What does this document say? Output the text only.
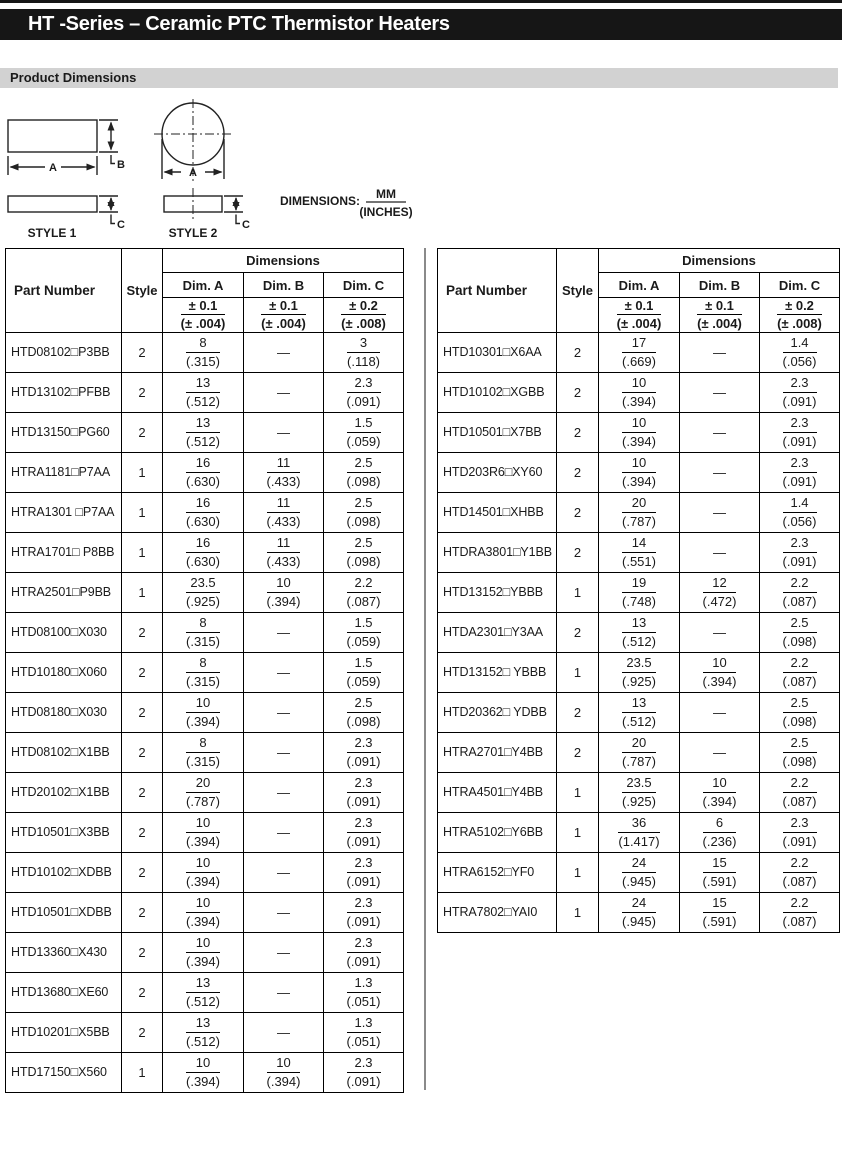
HT -Series – Ceramic PTC Thermistor Heaters
Product Dimensions
A	B
C
A
C
STYLE 1	STYLE 2
DIMENSIONS: MM
(INCHES)
Part Number	Style	Dimensions		
		Dim. A	Dim. B	Dim. C

		$\frac{\pm 0.1}{(\pm .004)}$	$\frac{\pm 0.1}{(\pm .004)}$	$\frac{\pm 0.2}{(\pm .008)}$

HTD08102□P3BB	2	$\frac{8}{(.315)}$	—	$\frac{3}{(.118)}$

HTD13102□PFBB	2	$\frac{13}{(.512)}$	—	$\frac{2.3}{(.091)}$

HTD13150□PG60	2	$\frac{13}{(.512)}$	—	$\frac{1.5}{(.059)}$

HTRA1181□P7AA	1	$\frac{16}{(.630)}$	$\frac{11}{(.433)}$	$\frac{2.5}{(.098)}$

HTRA1301 □P7AA	1	$\frac{16}{(.630)}$	$\frac{11}{(.433)}$	$\frac{2.5}{(.098)}$

HTRA1701□ P8BB	1	$\frac{16}{(.630)}$	$\frac{11}{(.433)}$	$\frac{2.5}{(.098)}$

HTRA2501□P9BB	1	$\frac{23.5}{(.925)}$	$\frac{10}{(.394)}$	$\frac{2.2}{(.087)}$

HTD08100□X030	2	$\frac{8}{(.315)}$	—	$\frac{1.5}{(.059)}$

HTD10180□X060	2	$\frac{8}{(.315)}$	—	$\frac{1.5}{(.059)}$

HTD08180□X030	2	$\frac{10}{(.394)}$	—	$\frac{2.5}{(.098)}$

HTD08102□X1BB	2	$\frac{8}{(.315)}$	—	$\frac{2.3}{(.091)}$

HTD20102□X1BB	2	$\frac{20}{(.787)}$	—	$\frac{2.3}{(.091)}$

HTD10501□X3BB	2	$\frac{10}{(.394)}$	—	$\frac{2.3}{(.091)}$

HTD10102□XDBB	2	$\frac{10}{(.394)}$	—	$\frac{2.3}{(.091)}$

HTD10501□XDBB	2	$\frac{10}{(.394)}$	—	$\frac{2.3}{(.091)}$

HTD13360□X430	2	$\frac{10}{(.394)}$	—	$\frac{2.3}{(.091)}$

HTD13680□XE60	2	$\frac{13}{(.512)}$	—	$\frac{1.3}{(.051)}$

HTD10201□X5BB	2	$\frac{13}{(.512)}$	—	$\frac{1.3}{(.051)}$

HTD17150□X560	1	$\frac{10}{(.394)}$	$\frac{10}{(.394)}$	$\frac{2.3}{(.091)}$
Part Number	Style	Dimensions		
		Dim. A	Dim. B	Dim. C

		$\frac{\pm 0.1}{(\pm .004)}$	$\frac{\pm 0.1}{(\pm .004)}$	$\frac{\pm 0.2}{(\pm .008)}$

HTD10301□X6AA	2	$\frac{17}{(.669)}$	—	$\frac{1.4}{(.056)}$

HTD10102□XGBB	2	$\frac{10}{(.394)}$	—	$\frac{2.3}{(.091)}$

HTD10501□X7BB	2	$\frac{10}{(.394)}$	—	$\frac{2.3}{(.091)}$

HTD203R6□XY60	2	$\frac{10}{(.394)}$	—	$\frac{2.3}{(.091)}$

HTD14501□XHBB	2	$\frac{20}{(.787)}$	—	$\frac{1.4}{(.056)}$

HTDRA3801□Y1BB	2	$\frac{14}{(.551)}$	—	$\frac{2.3}{(.091)}$

HTD13152□YBBB	1	$\frac{19}{(.748)}$	$\frac{12}{(.472)}$	$\frac{2.2}{(.087)}$

HTDA2301□Y3AA	2	$\frac{13}{(.512)}$	—	$\frac{2.5}{(.098)}$

HTD13152□ YBBB	1	$\frac{23.5}{(.925)}$	$\frac{10}{(.394)}$	$\frac{2.2}{(.087)}$

HTD20362□ YDBB	2	$\frac{13}{(.512)}$	—	$\frac{2.5}{(.098)}$

HTRA2701□Y4BB	2	$\frac{20}{(.787)}$	—	$\frac{2.5}{(.098)}$

HTRA4501□Y4BB	1	$\frac{23.5}{(.925)}$	$\frac{10}{(.394)}$	$\frac{2.2}{(.087)}$

HTRA5102□Y6BB	1	$\frac{36}{(1.417)}$	$\frac{6}{(.236)}$	$\frac{2.3}{(.091)}$

HTRA6152□YF0	1	$\frac{24}{(.945)}$	$\frac{15}{(.591)}$	$\frac{2.2}{(.087)}$

HTRA7802□YAI0	1	$\frac{24}{(.945)}$	$\frac{15}{(.591)}$	$\frac{2.2}{(.087)}$
